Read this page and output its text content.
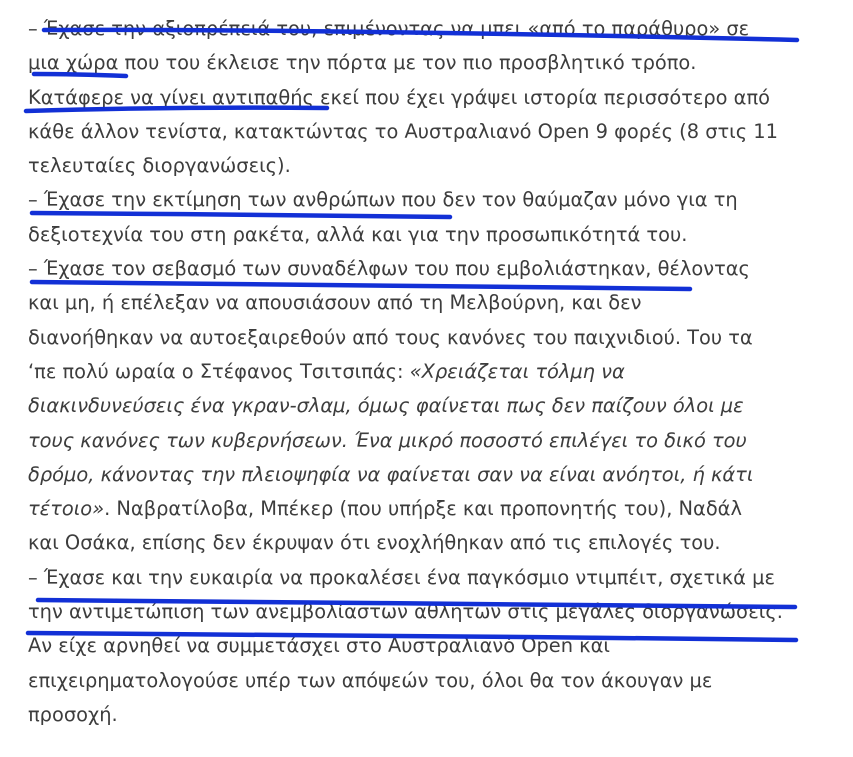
– Έχασε την αξιοπρέπειά του, επιμένοντας να μπει «από το παράθυρο» σε
μια χώρα που του έκλεισε την πόρτα με τον πιο προσβλητικό τρόπο.
Κατάφερε να γίνει αντιπαθής εκεί που έχει γράψει ιστορία περισσότερο από
κάθε άλλον τενίστα, κατακτώντας το Αυστραλιανό Open 9 φορές (8 στις 11
τελευταίες διοργανώσεις).
– Έχασε την εκτίμηση των ανθρώπων που δεν τον θαύμαζαν μόνο για τη
δεξιοτεχνία του στη ρακέτα, αλλά και για την προσωπικότητά του.
– Έχασε τον σεβασμό των συναδέλφων του που εμβολιάστηκαν, θέλοντας
και μη, ή επέλεξαν να απουσιάσουν από τη Μελβούρνη, και δεν
διανοήθηκαν να αυτοεξαιρεθούν από τους κανόνες του παιχνιδιού. Του τα
‘πε πολύ ωραία ο Στέφανος Τσιτσιπάς: «Χρειάζεται τόλμη να
διακινδυνεύσεις ένα γκραν-σλαμ, όμως φαίνεται πως δεν παίζουν όλοι με
τους κανόνες των κυβερνήσεων. Ένα μικρό ποσοστό επιλέγει το δικό του
δρόμο, κάνοντας την πλειοψηφία να φαίνεται σαν να είναι ανόητοι, ή κάτι
τέτοιο». Ναβρατίλοβα, Μπέκερ (που υπήρξε και προπονητής του), Ναδάλ
και Οσάκα, επίσης δεν έκρυψαν ότι ενοχλήθηκαν από τις επιλογές του.
– Έχασε και την ευκαιρία να προκαλέσει ένα παγκόσμιο ντιμπέιτ, σχετικά με
την αντιμετώπιση των ανεμβολίαστων αθλητών στις μεγάλες διοργανώσεις.
Αν είχε αρνηθεί να συμμετάσχει στο Αυστραλιανό Open και
επιχειρηματολογούσε υπέρ των απόψεών του, όλοι θα τον άκουγαν με
προσοχή.
